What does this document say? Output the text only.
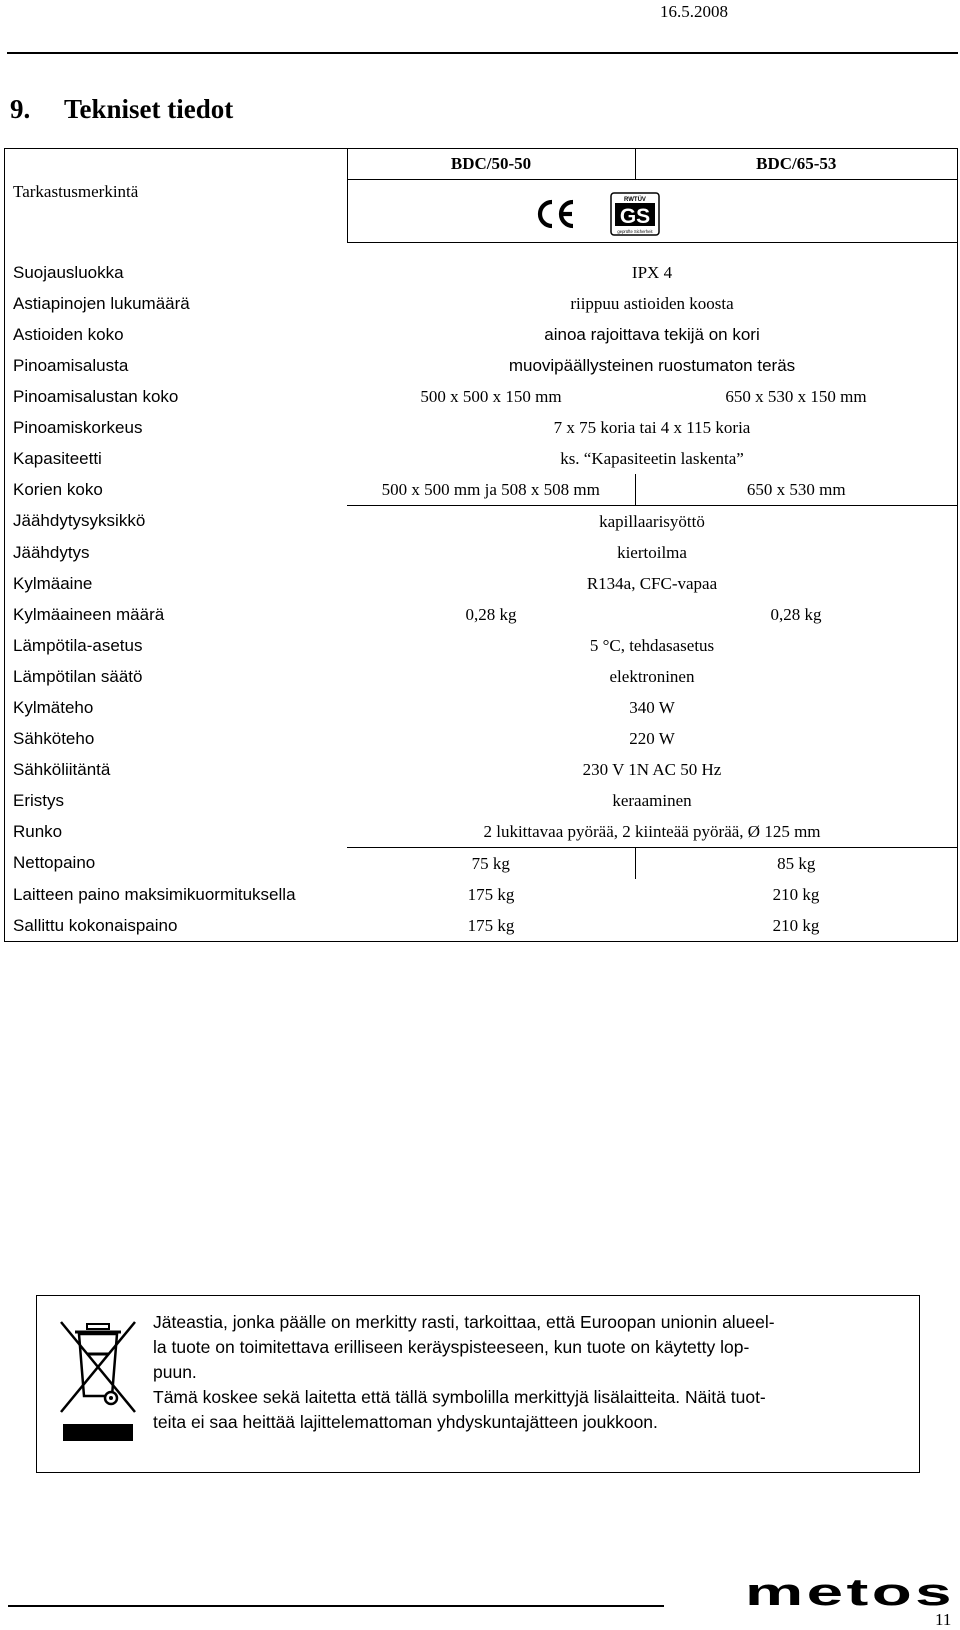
16.5.2008
9. Tekniset tiedot
	BDC/50-50	BDC/65-53
Tarkastusmerkintä	RWTÜV
GS
geprüfte Sicherheit	

Suojausluokka	IPX 4	
Astiapinojen lukumäärä	riippuu astioiden koosta	
Astioiden koko	ainoa rajoittava tekijä on kori	
Pinoamisalusta	muovipäällysteinen ruostumaton teräs	
Pinoamisalustan koko	500 x 500 x 150 mm	650 x 530 x 150 mm
Pinoamiskorkeus	7 x 75 koria tai 4 x 115 koria	
Kapasiteetti	ks. “Kapasiteetin laskenta”	
Korien koko	500 x 500 mm ja 508 x 508 mm	650 x 530 mm
Jäähdytysyksikkö	kapillaarisyöttö	
Jäähdytys	kiertoilma	
Kylmäaine	R134a, CFC-vapaa	
Kylmäaineen määrä	0,28 kg	0,28 kg
Lämpötila-asetus	5 °C, tehdasasetus	
Lämpötilan säätö	elektroninen	
Kylmäteho	340 W	
Sähköteho	220 W	
Sähköliitäntä	230 V 1N AC 50 Hz	
Eristys	keraaminen	
Runko	2 lukittavaa pyörää, 2 kiinteää pyörää, Ø 125 mm	
Nettopaino	75 kg	85 kg
Laitteen paino maksimikuormituksella	175 kg	210 kg
Sallittu kokonaispaino	175 kg	210 kg

Jäteastia, jonka päälle on merkitty rasti, tarkoittaa, että Euroopan unionin alueel-

la tuote on toimitettava erilliseen keräyspisteeseen, kun tuote on käytetty lop-

puun.

Tämä koskee sekä laitetta että tällä symbolilla merkittyjä lisälaitteita. Näitä tuot-

teita ei saa heittää lajittelemattoman yhdyskuntajätteen joukkoon.

metos
11
